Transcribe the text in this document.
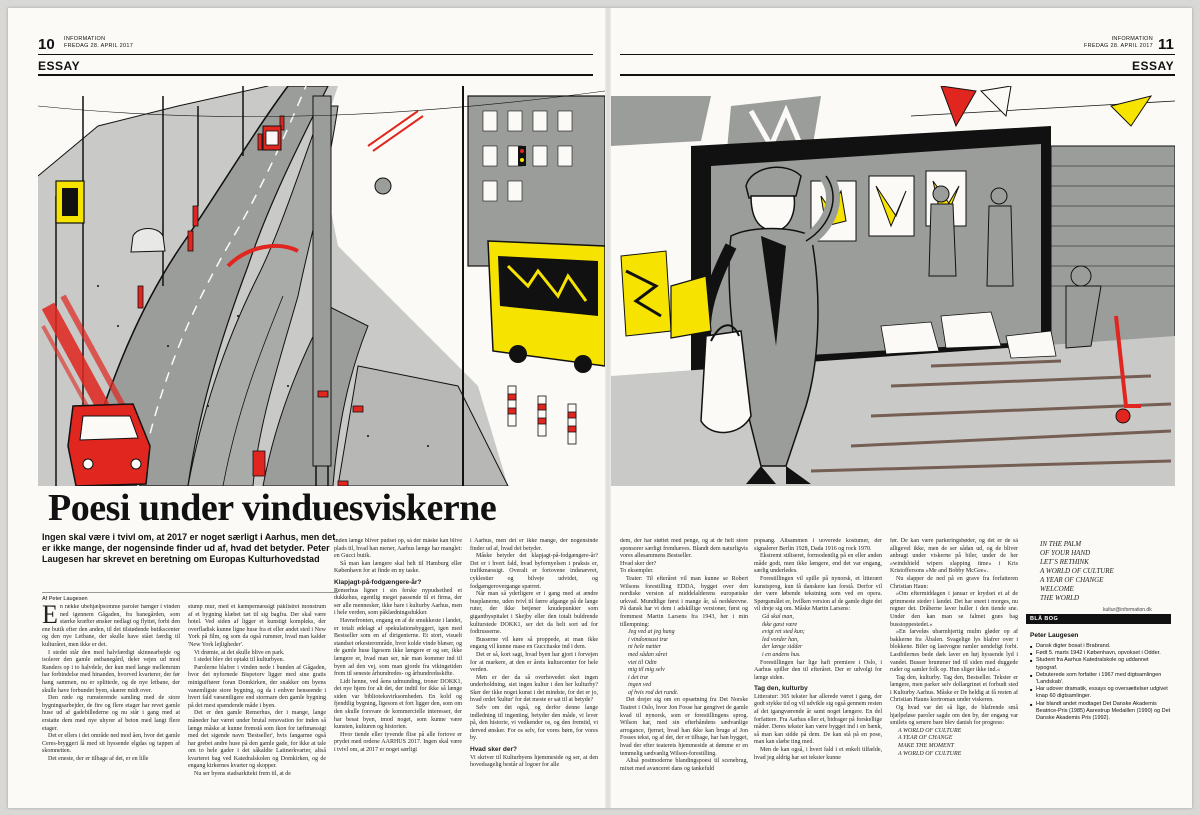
10 INFORMATION
FREDAG 28. APRIL 2017
ESSAY
INFORMATION
FREDAG 28. APRIL 2017 11
ESSAY
Poesi under vinduesviskerne
Ingen skal være i tvivl om, at 2017 er noget særligt i Aarhus, men det er ikke mange, der nogensinde finder ud af, hvad det betyder. Peter Laugesen har skrevet en beretning om Europas Kulturhovedstad
Af Peter Laugesen
E n række ubehjælpsomme paroler hænger i vinden ned igennem Gågaden, fra banegården, som stærke kræfter ønsker nedlagt og flyttet, forbi den ene butik efter den anden, til det tilstødende butikscenter og den nye Letbane, der skulle have stået færdig til kulturåret, men ikke er det.

I stedet står den med halvfærdigt skinnearbejde og isolerer den gamle østbanegård, deler vejen ud mod Randers op i to halvdele, der kun med lange mellemrum har forbindelse med hinanden, hvorved kvarterer, der før hang sammen, nu er splittede, og de nye letbane, der skulle have forbundet byen, skærer midt over.

Den røde og rumsterende samling med de store bygningsarbejder, de fire og flere etager har revet gamle huse ud af gadebillederne og nu står i gang med at erstatte dem med nye uhyrer af beton med langt flere etager.

Det er ellers i det område ned mod åen, hvor det gamle Ceres-bryggeri lå med sit hyssende elgdas og tappen af skomnetten.

Det eneste, der er tilbage af det, er en lille

stump mur, med et kæmpemæssigt påklistret monstrum af et bygning klæbet tæt til sig bagfra. Der skal være hotel. Ved siden af ligger et kunstigt kompleks, der overfladisk kunne ligne huse fra et eller andet sted i New York på film, og som da også rummer, hvad man kalder 'New York lejligheder'.

Vi drømte, at det skulle blive en park.

I stedet blev det optakt til kulturbyen.

Parolerne blafrer i vinden nede i bunden af Gågaden, hvor det nyfornede Bispetorv ligger med sine gratis miniguiftører foran Domkirken, der snakker om byens vanemligste store bygning, og da i enhver henseende i hvert fald væsentligere end stormare den gamle bygning på det mest spændende måde i byen.

Det er den gamle Remerhus, der i mange, lange måneder har været under brutal renovation for inden så længe måske at kunne fremstå som ikon for tæftmæssigt med det sigende navn 'Bestseller', hvis fangarme også har grebet andre huse på den gamle gade, for ikke at tale om to hele gader i det såkaldte Latinerkvarter, altså kvarteret bag ved Katedralskolen og Domkirken, og de engang kirkernes kvarter og skopper.

Nu ser byens stadsarkitekt frem til, at de

inden længe bliver pudset op, så der måske kan blive plads til, hvad han mener, Aarhus længe har manglet: en Gucci butik.

Så man kan længere skal helt til Hamburg eller København for at finde en ny taske.

Klapjagt-på-fodgængere-år?

Remerhus ligner i sin ferske nypudsethed et dukkehus, egentlig meget passende til et firma, der ser alle mennesker, ikke bare i kulturby Aarhus, men i hele verden, som påklædningsdukker.

Havnefronten, engang en af de smukkeste i landet, er totalt ødelagt af spekulationsbyggeri, igen med Bestseller som en af dirigenterne. Et stort, visuelt standset orkesterområde, hvor kolde vinde blæser, og de gamle huse ligesom ikke længere er og ser, ikke længere er, hvad man ser, når man kommer ind til byen ad den vej, som man gjorde fra vikingetiden frem til seneste århundredes- og århundredsskifte.

Lidt henne, ved åens udmunding, troner DOKK1, det nye hjem for alt det, der indtil for ikke så længe siden var biblioteksvirksomheden. En kold og fjendtlig bygning, ligesom et fort ligger den, som om den skulle forsvare de kommercielle interesser, der har besat byen, imod noget, som kunne være kunsten, kulturen og historien.

Hvor tiende eller tyvende flise på alle fortove er prydet med ordene AARHUS 2017. Ingen skal være i tvivl om, at 2017 er noget særligt

i Aarhus, men det er ikke mange, der nogensinde finder ud af, hvad det betyder.

Måske betyder det klapjagt-på-fodgængere-år? Det er i hvert fald, hvad byfornyelsen i praksis er, trafikmæssigt. Overalt er fortovene indsnævret, cyklestier og bilveje udvidet, og fodgængerovergange spærret.

Når man så yderligere er i gang med at ændre busplanerne, uden tvivl til færre afgange på de lange ruter, der ikke betjener knudepunkter som gigantbyspitalet i Skejby eller den totalt buldrende kulturstede DOKK1, ser det da helt sort ud for fodtrusserne.

Busserne vil køre så proppede, at man ikke engang vil kunne mase en Guccitaske ind i dem.

Det er så, kort sagt, hvad byen har gjort i forvejen for at markere, at den er årets kulturcenter for hele verden.

Men er der da så overhovedet sket ingen underholdning, siet ingen kultur i den her kulturby? Sker der ikke noget kunst i det mindste, for det er jo, hvad ordet 'kultur' for det meste er sat til at betyde?

Selv om det også, og derfor denne lange indledning til ingenting, betyder den måde, vi lever på, den historie, vi vedkender os, og den fremtid, vi derved ønsker. For os selv, for vores børn, for vores by.

Hvad sker der?

Vi skriver til Kulturbyens hjemmeside og ser, at den hovedsagelig består af logoer for alle

dem, der har støttet med penge, og at de helt store sponsorer særligt fremhæves. Blandt dem naturligvis vores allesammens Bestseller.

Hvad sker der?

To eksempler.

Teater: Til efteråret vil man kunne se Robert Wilsons forestilling EDDA, bygget over den nordiske version af middelalderens europæiske urkvad. Mundtlige først i mange år, så nedskrevne. På dansk har vi dem i adskillige versioner, først og fremmest Martin Larsens fra 1943, her i min tillempning:

Jeg ved at jeg hang

i vindomsust træ

ni hele nætter

med sådan såret

viet til Odin

mig til mig selv

i det træ

ingen ved

af hvis rod det rundt.

Det drejer sig om en opsætning fra Det Norske Teatret i Oslo, hvor Jon Fosse har gengivet de gamle kvad til nynorsk, som er forestillingens sprog. Wilson har, med sin efterhåndens sædvanlige arrogance, fjernet, hvad han ikke kan bruge af Jon Fosses tekst, og af det, der er tilbage, har han bygget, hvad der efter teaterets hjemmeside at dømme er en temmelig sædvanlig Wilson-forestilling.

Altså postmoderne blandingspoesi til scenebrug, mixet med avanceret dans og tankefuld

popsang. Altsammen i uoverede kostumer, der signalerer Berlin 1928, Dada 1916 og rock 1970.

Ekstremt stiliseret, formodentlig på en eller anden måde godt, men ikke længere, end det var engang, særlig underledes.

Forestillingen vil spille på nynorsk, et litterært kunstsprog, kun få danskere kan forstå. Derfor vil der være løbende tekstning som ved en opera. Spørgsmålet er, hvilken version af de gamle digte det vil dreje sig om. Måske Martin Larsens:

Gå skal man,

ikke gæst være

evigt ret sted kun;

led vorder han,

der længe sidder

i en andens hus.

Forestillingen har lige haft premiere i Oslo, i Aarhus spiller den til efteråret. Der er udvolgt for længe siden.

Tag den, kulturby

Litteratur: 365 tekster har allerede været i gang, der godt stykke tid og vil udvikle sig også gennem resten af det igangværende år samt noget længere. En del forfattere. Fra Aarhus eller et, bidrager på forskellige måder. Deres tekster kan være bygget ind i en bænk, så man kan sidde på dem. De kan stå på en pose, man kan slæbe ting med.

Men de kan også, i hvert fald i et enkelt tilfælde, hvad jeg aldrig har set tekster kunne

før. De kan være parkeringsbøder, og det er de så alligevel ikke, men de ser sådan ud, og de bliver anbragt under viskerne på biler, under de her »windshield wipers slapping time« i Kris Kristoffersons »Me and Bobby McGee«.

Nu slapper de ned på en grave fra forfatteren Christian Haun:

»Om eftermiddagen i januar er krydset et af de grimmeste steder i landet. Det har sneet i morges, nu regner det. Dråberne laver huller i den tiende sne. Under den kan man se falmet græs bag busstoppestedet.«

»En farveløs ubarmhjertig mulm gløder op af bakkerne fra Åbalen. Svagelige lys blafrer over i blokkene. Biler og lastvogne ramler uendeligt forbi. Lastbilernes bede dæk laver en høj hyssende lyd i vandet. Busser brummer ind til siden med duggede ruder og samler folk op. Hun sliger ikke ind.«

Tag den, kulturby. Tag den, Bestseller. Tekster er længere, men parker selv dollargrinet et forbudt sted i Kulturby Aarhus. Måske er De heldig at få resten af Christian Hauns kortroman under viskeren.

Og hvad var det så lige, de blafrende små hjælpeløse paroler sagde om den by, der engang var smilets og senere bare blev danish for progress:

A WORLD OF CULTURE

A YEAR OF CHANGE

MAKE THE MOMENT

A WORLD OF CULTURE

IN THE PALM
OF YOUR HAND
LET´S RETHINK
A WORLD OF CULTURE
A YEAR OF CHANGE
WELCOME
THE WORLD
kultur@information.dk
BLÅ BOG
Peter Laugesen
■ Dansk digter bosat i Brabrand.
■ Født 5. marts 1942 i København, opvokset i Odder.
■ Student fra Aarhus Katedralskole og uddannet typograf.
■ Debuterede som forfatter i 1967 med digtsamlingen 'Landskab'.
■ Har udover dramatik, essays og oversættelser udgivet knap 60 digtsamlinger.
■ Har blandt andet modtaget Det Danske Akademis Beatrice-Pris (1985) Aarestrup Medaillen (1990) og Det Danske Akademis Pris (1992).
